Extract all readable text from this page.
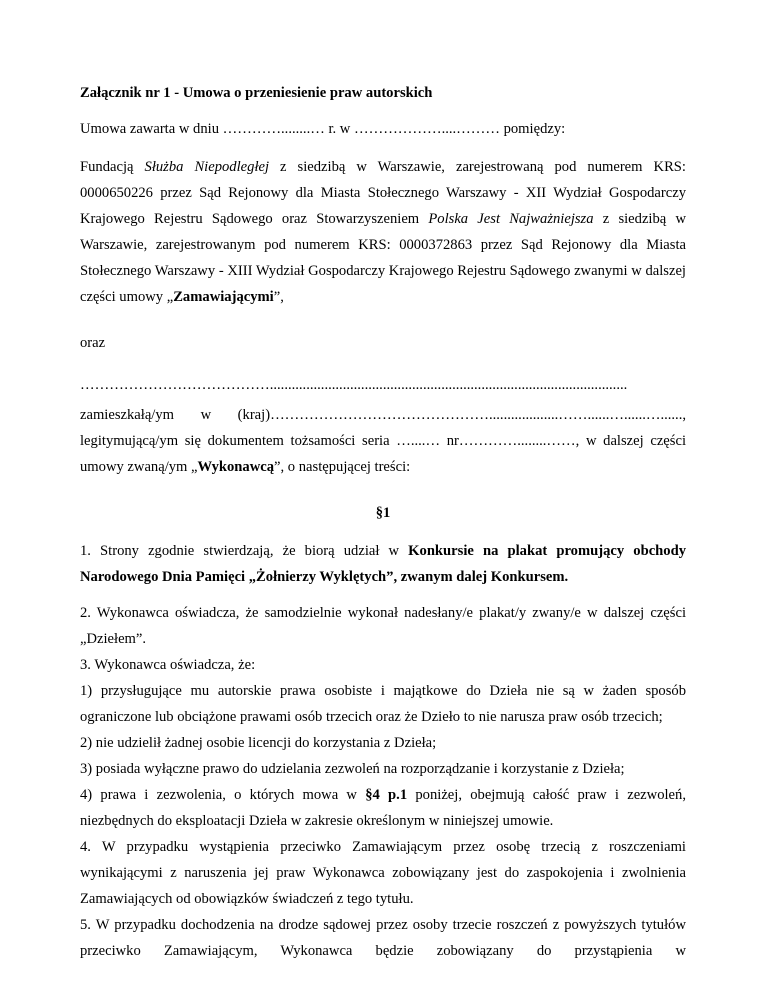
Załącznik nr 1 - Umowa o przeniesienie praw autorskich

Umowa zawarta w dniu …………........… r. w ………………....……… pomiędzy:

Fundacją Służba Niepodległej z siedzibą w Warszawie, zarejestrowaną pod numerem KRS: 0000650226 przez Sąd Rejonowy dla Miasta Stołecznego Warszawy - XII Wydział Gospodarczy Krajowego Rejestru Sądowego oraz Stowarzyszeniem Polska Jest Najważniejsza z siedzibą w Warszawie, zarejestrowanym pod numerem KRS: 0000372863 przez Sąd Rejonowy dla Miasta Stołecznego Warszawy - XIII Wydział Gospodarczy Krajowego Rejestru Sądowego zwanymi w dalszej części umowy „Zamawiającymi”,

oraz

…………………………………..................................................................................................

zamieszkałą/ym w (kraj)………………………………………...................……......…......…......,

legitymującą/ym się dokumentem tożsamości seria …....… nr…………........……, w dalszej części umowy zwaną/ym „Wykonawcą”, o następującej treści:

§1

1. Strony zgodnie stwierdzają, że biorą udział w Konkursie na plakat promujący obchody Narodowego Dnia Pamięci „Żołnierzy Wyklętych”, zwanym dalej Konkursem.

2. Wykonawca oświadcza, że samodzielnie wykonał nadesłany/e plakat/y zwany/e w dalszej części „Dziełem”.

3. Wykonawca oświadcza, że:

1) przysługujące mu autorskie prawa osobiste i majątkowe do Dzieła nie są w żaden sposób ograniczone lub obciążone prawami osób trzecich oraz że Dzieło to nie narusza praw osób trzecich;

2) nie udzielił żadnej osobie licencji do korzystania z Dzieła;

3) posiada wyłączne prawo do udzielania zezwoleń na rozporządzanie i korzystanie z Dzieła;

4) prawa i zezwolenia, o których mowa w §4 p.1 poniżej, obejmują całość praw i zezwoleń, niezbędnych do eksploatacji Dzieła w zakresie określonym w niniejszej umowie.

4. W przypadku wystąpienia przeciwko Zamawiającym przez osobę trzecią z roszczeniami wynikającymi z naruszenia jej praw Wykonawca zobowiązany jest do zaspokojenia i zwolnienia Zamawiających od obowiązków świadczeń z tego tytułu.

5. W przypadku dochodzenia na drodze sądowej przez osoby trzecie roszczeń z powyższych tytułów przeciwko Zamawiającym, Wykonawca będzie zobowiązany do przystąpienia w
